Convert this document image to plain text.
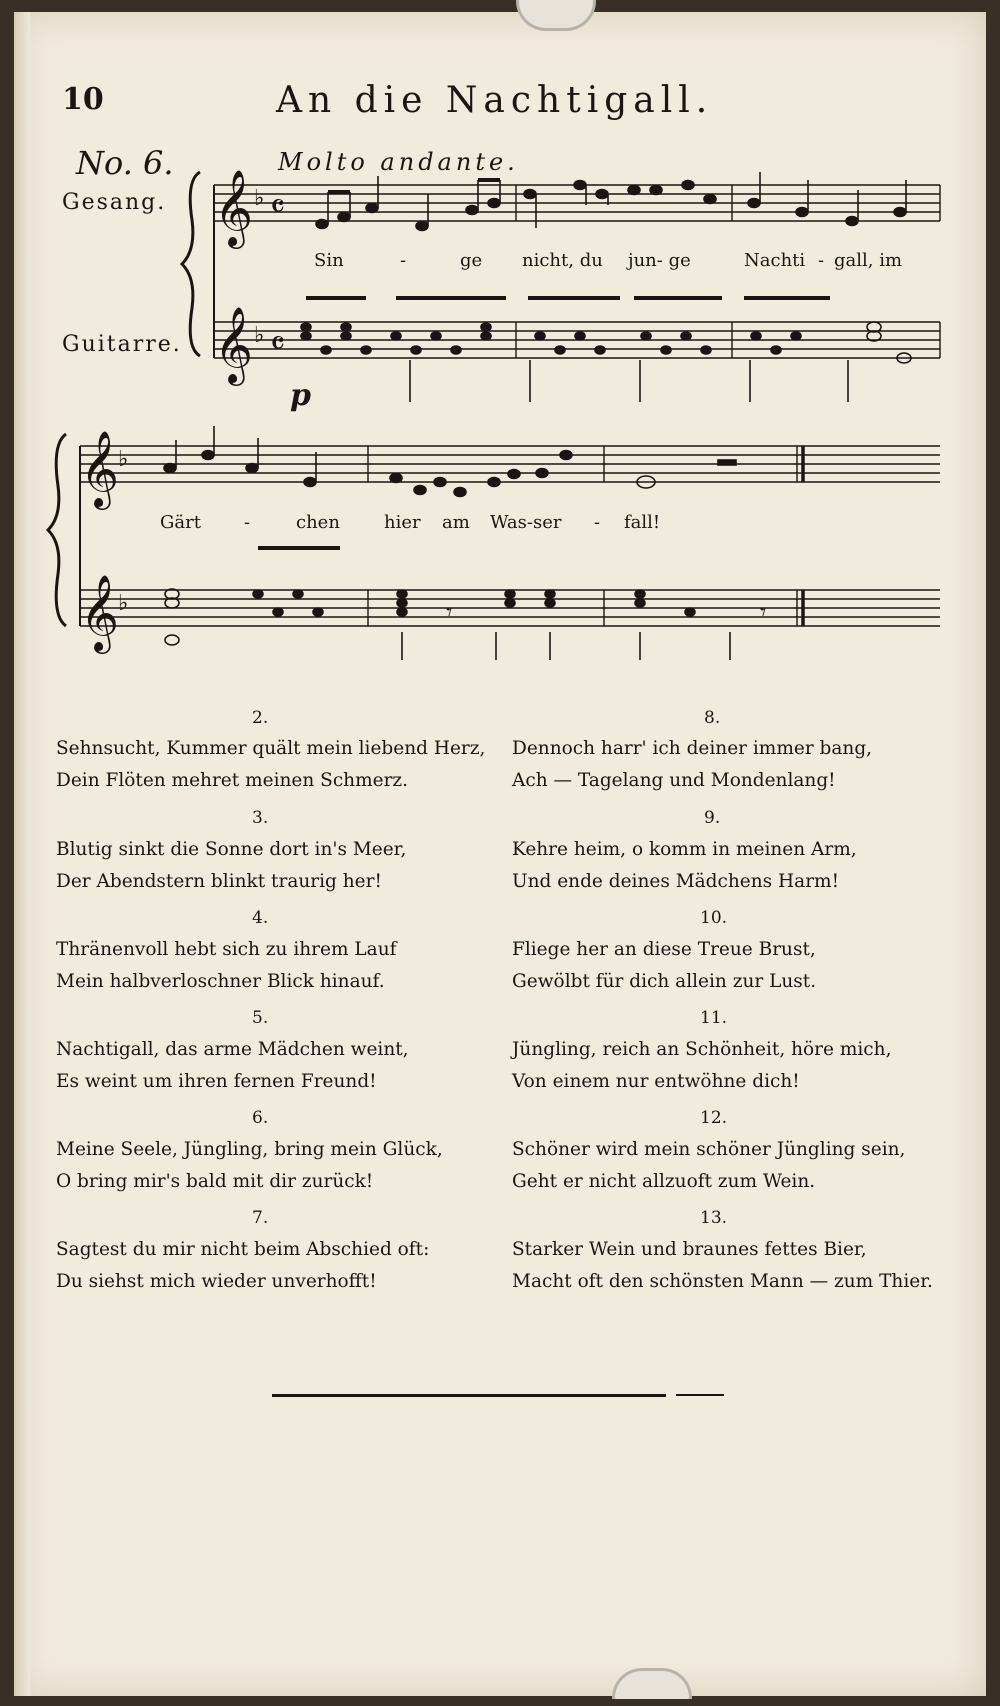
10	An die Nachtigall.
No. 6.	Molto andante.
Gesang.
Guitarre.
p
𝄞 ♭ 𝄴
𝄞 ♭ 𝄴
𝄞
♭
𝄞
♭	𝄾	𝄾
Sin	-	ge nicht, du jun- ge	Nachti - gall, im
Gärt -	chen hier am Was-ser - fall!
2.
Sehnsucht, Kummer quält mein liebend Herz,
Dein Flöten mehret meinen Schmerz.
3.
Blutig sinkt die Sonne dort in's Meer,
Der Abendstern blinkt traurig her!
4.
Thränenvoll hebt sich zu ihrem Lauf
Mein halbverloschner Blick hinauf.
5.
Nachtigall, das arme Mädchen weint,
Es weint um ihren fernen Freund!
6.
Meine Seele, Jüngling, bring mein Glück,
O bring mir's bald mit dir zurück!
7.
Sagtest du mir nicht beim Abschied oft:
Du siehst mich wieder unverhofft!
8.
Dennoch harr' ich deiner immer bang,
Ach — Tagelang und Mondenlang!
9.
Kehre heim, o komm in meinen Arm,
Und ende deines Mädchens Harm!
10.
Fliege her an diese Treue Brust,
Gewölbt für dich allein zur Lust.
11.
Jüngling, reich an Schönheit, höre mich,
Von einem nur entwöhne dich!
12.
Schöner wird mein schöner Jüngling sein,
Geht er nicht allzuoft zum Wein.
13.
Starker Wein und braunes fettes Bier,
Macht oft den schönsten Mann — zum Thier.
